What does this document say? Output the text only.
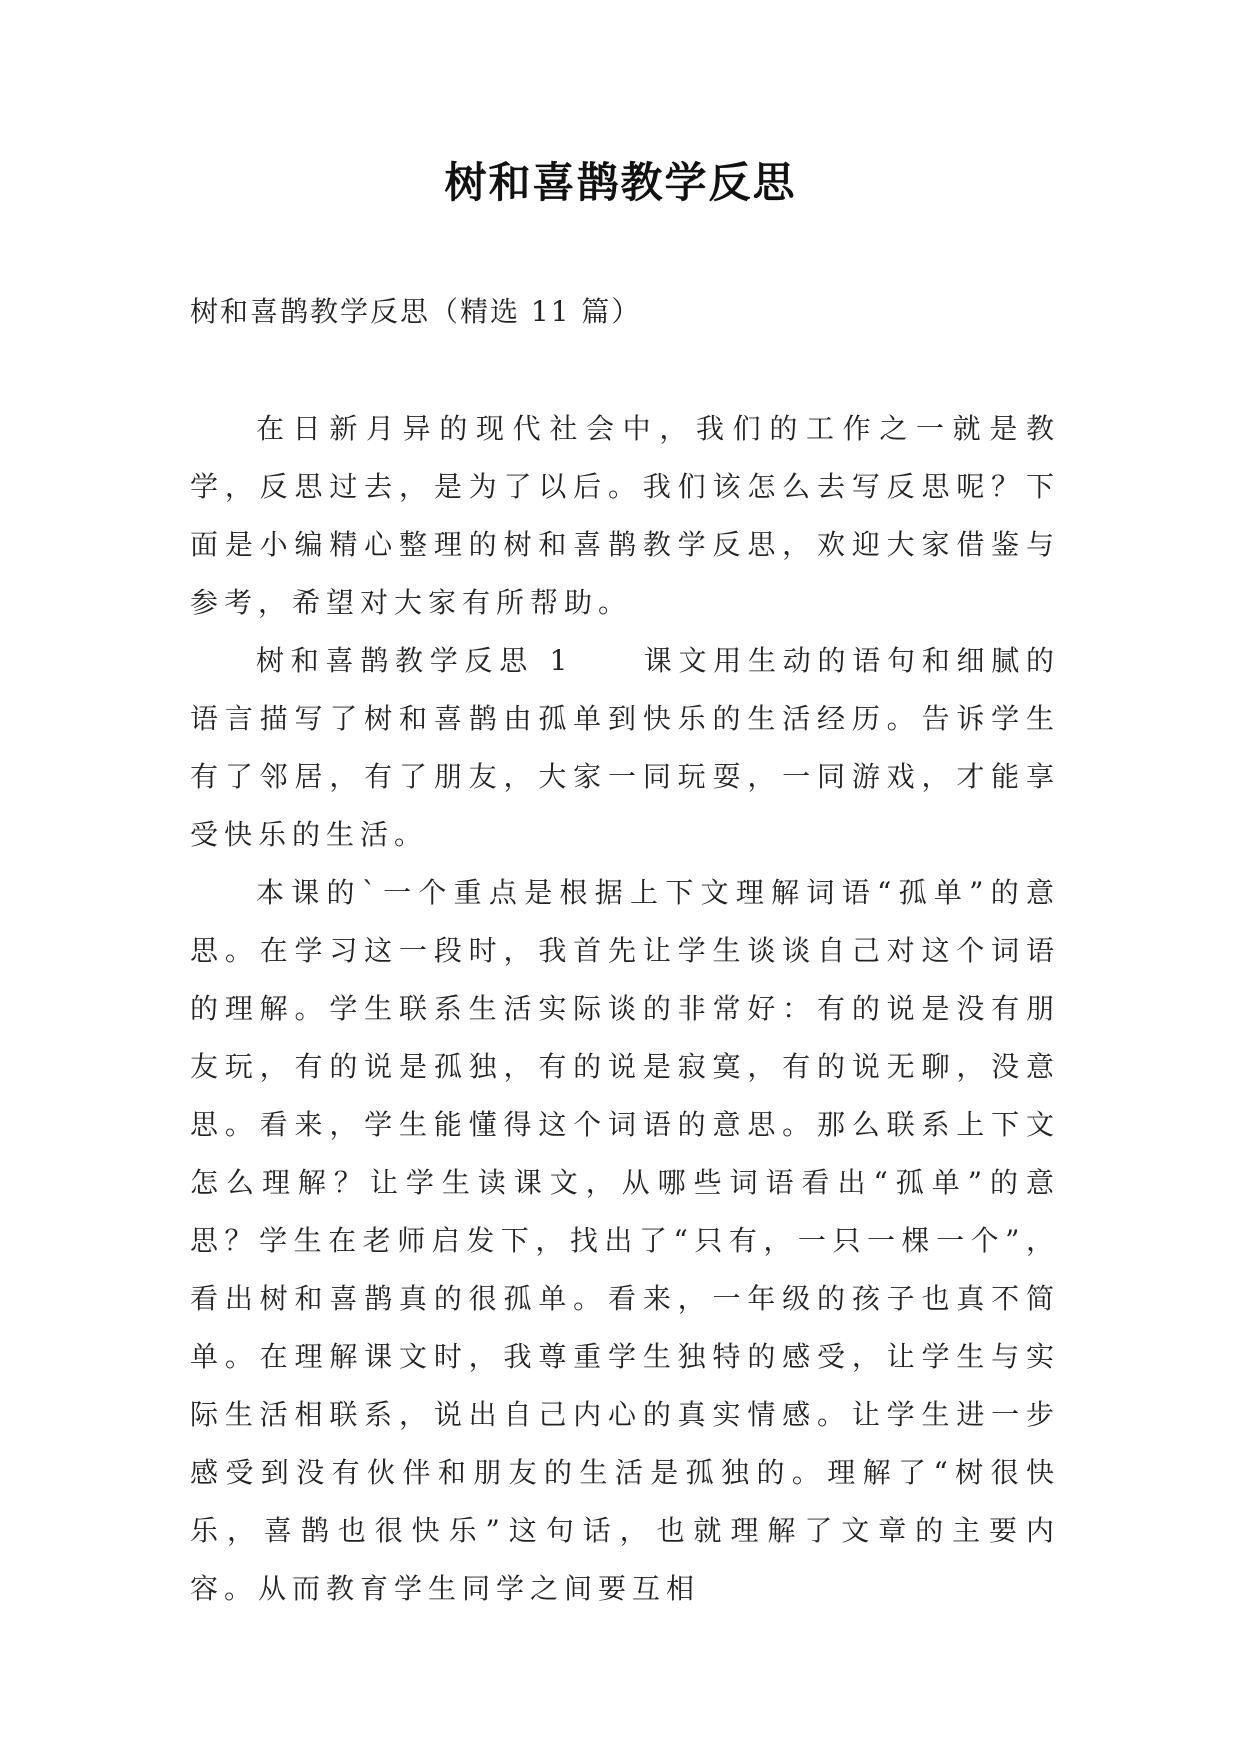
树和喜鹊教学反思

树和喜鹊教学反思（精选 11 篇）

在日新月异的现代社会中，我们的工作之一就是教学，反思过去，是为了以后。我们该怎么去写反思呢？下面是小编精心整理的树和喜鹊教学反思，欢迎大家借鉴与参考，希望对大家有所帮助。

树和喜鹊教学反思 1　　课文用生动的语句和细腻的语言描写了树和喜鹊由孤单到快乐的生活经历。告诉学生有了邻居，有了朋友，大家一同玩耍，一同游戏，才能享受快乐的生活。

本课的`一个重点是根据上下文理解词语“孤单”的意思。在学习这一段时，我首先让学生谈谈自己对这个词语的理解。学生联系生活实际谈的非常好：有的说是没有朋友玩，有的说是孤独，有的说是寂寞，有的说无聊，没意思。看来，学生能懂得这个词语的意思。那么联系上下文怎么理解？让学生读课文，从哪些词语看出“孤单”的意思？学生在老师启发下，找出了“只有，一只一棵一个”，看出树和喜鹊真的很孤单。看来，一年级的孩子也真不简单。在理解课文时，我尊重学生独特的感受，让学生与实际生活相联系，说出自己内心的真实情感。让学生进一步感受到没有伙伴和朋友的生活是孤独的。理解了“树很快乐，喜鹊也很快乐”这句话，也就理解了文章的主要内容。从而教育学生同学之间要互相
